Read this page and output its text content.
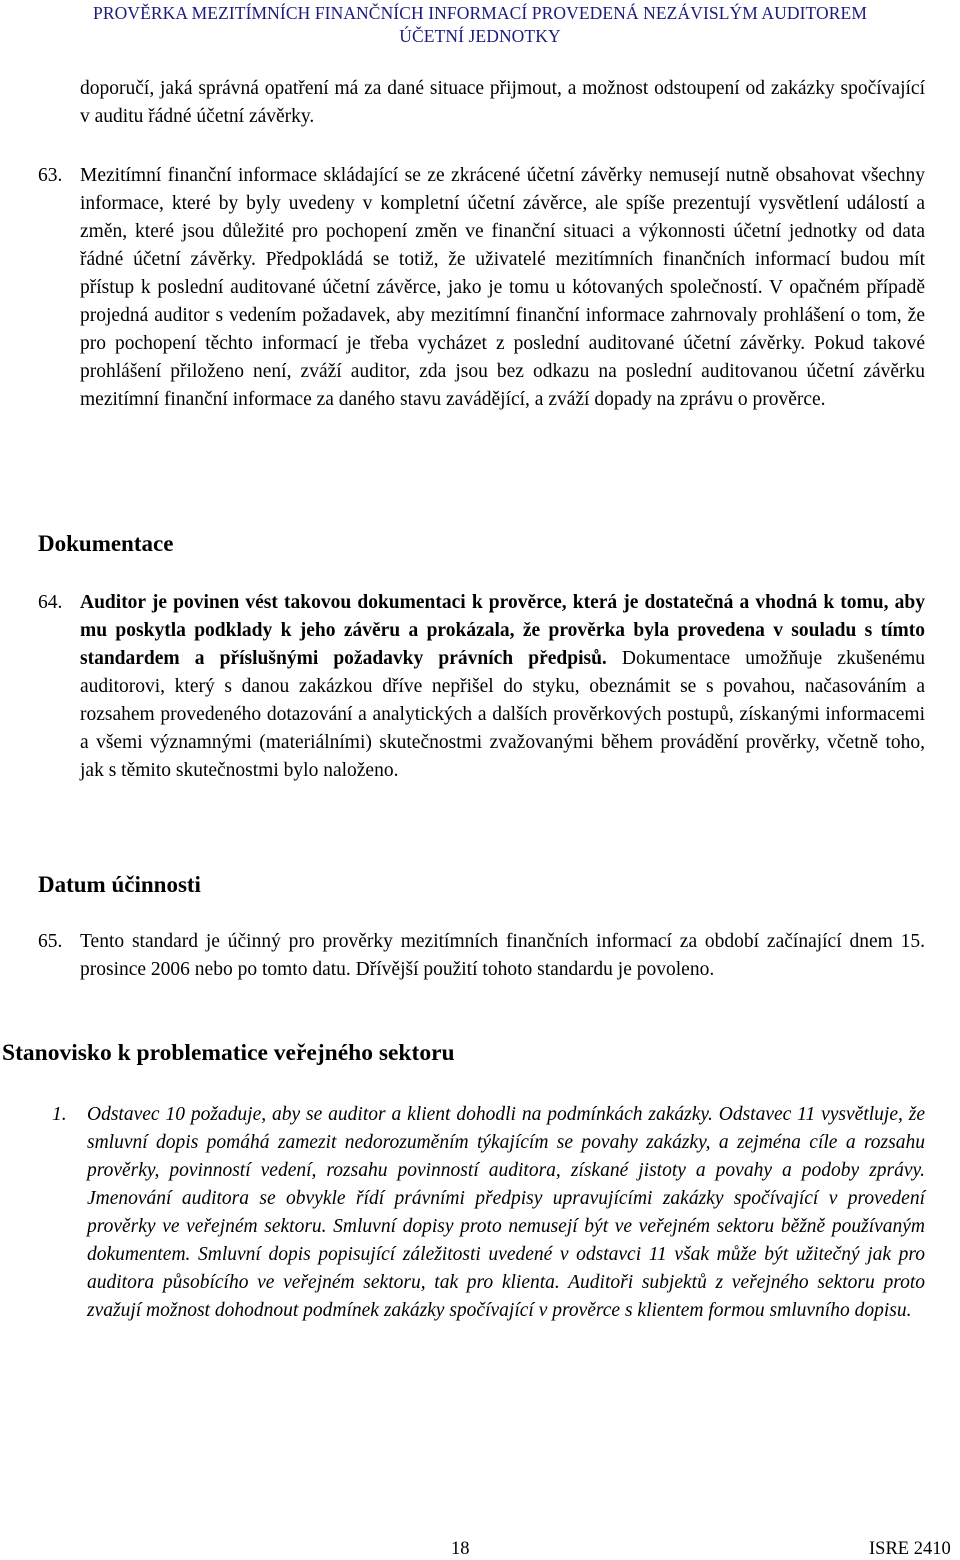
PROVĚRKA MEZITÍMNÍCH FINANČNÍCH INFORMACÍ PROVEDENÁ NEZÁVISLÝM AUDITOREM
ÚČETNÍ JEDNOTKY
doporučí, jaká správná opatření má za dané situace přijmout, a možnost odstoupení od zakázky spočívající v auditu řádné účetní závěrky.
63. Mezitímní finanční informace skládající se ze zkrácené účetní závěrky nemusejí nutně obsahovat všechny informace, které by byly uvedeny v kompletní účetní závěrce, ale spíše prezentují vysvětlení událostí a změn, které jsou důležité pro pochopení změn ve finanční situaci a výkonnosti účetní jednotky od data řádné účetní závěrky. Předpokládá se totiž, že uživatelé mezitímních finančních informací budou mít přístup k poslední auditované účetní závěrce, jako je tomu u kótovaných společností. V opačném případě projedná auditor s vedením požadavek, aby mezitímní finanční informace zahrnovaly prohlášení o tom, že pro pochopení těchto informací je třeba vycházet z poslední auditované účetní závěrky. Pokud takové prohlášení přiloženo není, zváží auditor, zda jsou bez odkazu na poslední auditovanou účetní závěrku mezitímní finanční informace za daného stavu zavádějící, a zváží dopady na zprávu o prověrce.
Dokumentace
64. Auditor je povinen vést takovou dokumentaci k prověrce, která je dostatečná a vhodná k tomu, aby mu poskytla podklady k jeho závěru a prokázala, že prověrka byla provedena v souladu s tímto standardem a příslušnými požadavky právních předpisů. Dokumentace umožňuje zkušenému auditorovi, který s danou zakázkou dříve nepřišel do styku, obeznámit se s povahou, načasováním a rozsahem provedeného dotazování a analytických a dalších prověrkových postupů, získanými informacemi a všemi významnými (materiálními) skutečnostmi zvažovanými během provádění prověrky, včetně toho, jak s těmito skutečnostmi bylo naloženo.
Datum účinnosti
65. Tento standard je účinný pro prověrky mezitímních finančních informací za období začínající dnem 15. prosince 2006 nebo po tomto datu. Dřívější použití tohoto standardu je povoleno.
Stanovisko k problematice veřejného sektoru
1. Odstavec 10 požaduje, aby se auditor a klient dohodli na podmínkách zakázky. Odstavec 11 vysvětluje, že smluvní dopis pomáhá zamezit nedorozuměním týkajícím se povahy zakázky, a zejména cíle a rozsahu prověrky, povinností vedení, rozsahu povinností auditora, získané jistoty a povahy a podoby zprávy. Jmenování auditora se obvykle řídí právními předpisy upravujícími zakázky spočívající v provedení prověrky ve veřejném sektoru. Smluvní dopisy proto nemusejí být ve veřejném sektoru běžně používaným dokumentem. Smluvní dopis popisující záležitosti uvedené v odstavci 11 však může být užitečný jak pro auditora působícího ve veřejném sektoru, tak pro klienta. Auditoři subjektů z veřejného sektoru proto zvažují možnost dohodnout podmínek zakázky spočívající v prověrce s klientem formou smluvního dopisu.
18	ISRE 2410
